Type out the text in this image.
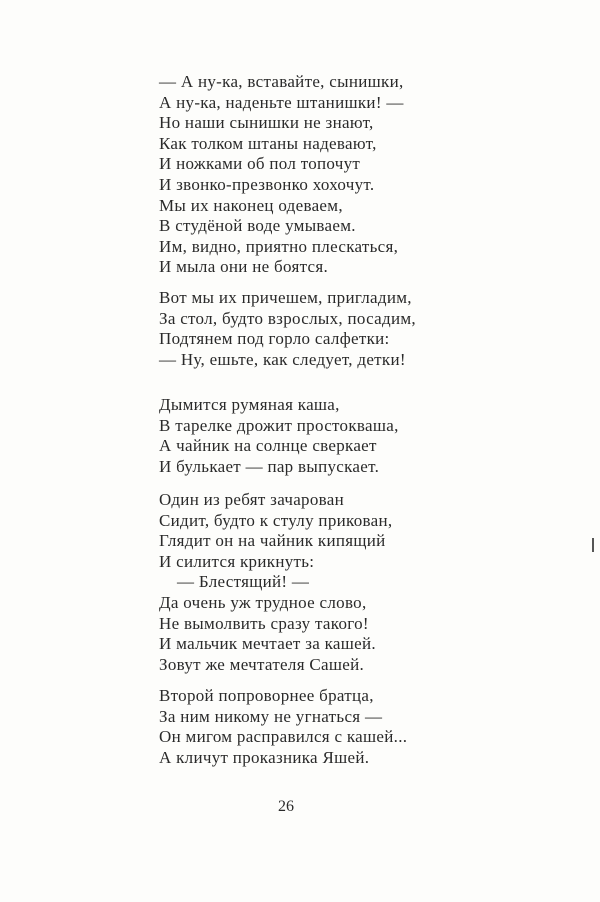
— А ну-ка, вставайте, сынишки,
А ну-ка, наденьте штанишки! —
Но наши сынишки не знают,
Как толком штаны надевают,
И ножками об пол топочут
И звонко-презвонко хохочут.
Мы их наконец одеваем,
В студёной воде умываем.
Им, видно, приятно плескаться,
И мыла они не боятся.
Вот мы их причешем, пригладим,
За стол, будто взрослых, посадим,
Подтянем под горло салфетки:
— Ну, ешьте, как следует, детки!
Дымится румяная каша,
В тарелке дрожит простокваша,
А чайник на солнце сверкает
И булькает — пар выпускает.
Один из ребят зачарован
Сидит, будто к стулу прикован,
Глядит он на чайник кипящий
И силится крикнуть:
— Блестящий! —
Да очень уж трудное слово,
Не вымолвить сразу такого!
И мальчик мечтает за кашей.
Зовут же мечтателя Сашей.
Второй попроворнее братца,
За ним никому не угнаться —
Он мигом расправился с кашей...
А кличут проказника Яшей.
26
